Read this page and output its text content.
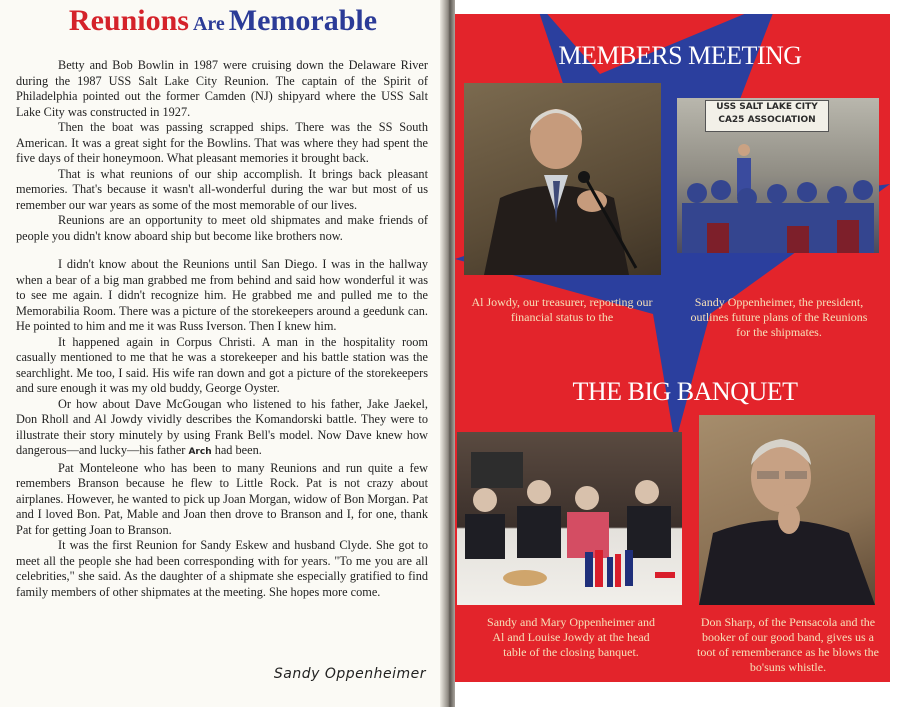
Reunions Are Memorable

Betty and Bob Bowlin in 1987 were cruising down the Delaware River during the 1987 USS Salt Lake City Reunion. The captain of the Spirit of Philadelphia pointed out the former Camden (NJ) shipyard where the USS Salt Lake City was constructed in 1927.

Then the boat was passing scrapped ships. There was the SS South American. It was a great sight for the Bowlins. That was where they had spent the five days of their honeymoon. What pleasant memories it brought back.

That is what reunions of our ship accomplish. It brings back pleasant memories. That's because it wasn't all-wonderful during the war but most of us remember our war years as some of the most memorable of our lives.

Reunions are an opportunity to meet old shipmates and make friends of people you didn't know aboard ship but become like brothers now.

I didn't know about the Reunions until San Diego. I was in the hallway when a bear of a big man grabbed me from behind and said how wonderful it was to see me again. I didn't recognize him. He grabbed me and pulled me to the Memorabilia Room. There was a picture of the storekeepers around a geedunk can. He pointed to him and me it was Russ Iverson. Then I knew him.

It happened again in Corpus Christi. A man in the hospitality room casually mentioned to me that he was a storekeeper and his battle station was the searchlight. Me too, I said. His wife ran down and got a picture of the storekeepers and sure enough it was my old buddy, George Oyster.

Or how about Dave McGougan who listened to his father, Jake Jaekel, Don Rholl and Al Jowdy vividly describes the Komandorski battle. They were to illustrate their story minutely by using Frank Bell's model. Now Dave knew how dangerous—and lucky—his father Arch had been.

Pat Monteleone who has been to many Reunions and run quite a few remembers Branson because he flew to Little Rock. Pat is not crazy about airplanes. However, he wanted to pick up Joan Morgan, widow of Bon Morgan. Pat and I loved Bon. Pat, Mable and Joan then drove to Branson and I, for one, thank Pat for getting Joan to Branson.

It was the first Reunion for Sandy Eskew and husband Clyde. She got to meet all the people she had been corresponding with for years. "To me you are all celebrities," she said. As the daughter of a shipmate she especially gratified to find family members of other shipmates at the meeting. She hopes more come.

Sandy Oppenheimer
MEMBERS MEETING
USS SALT LAKE CITY
CA25 ASSOCIATION
Al Jowdy, our treasurer, reporting our financial status to the
Sandy Oppenheimer, the president, outlines future plans of the Reunions for the shipmates.
THE BIG BANQUET
Sandy and Mary Oppenheimer and Al and Louise Jowdy at the head table of the closing banquet.
Don Sharp, of the Pensacola and the booker of our good band, gives us a toot of rememberance as he blows the bo'suns whistle.
